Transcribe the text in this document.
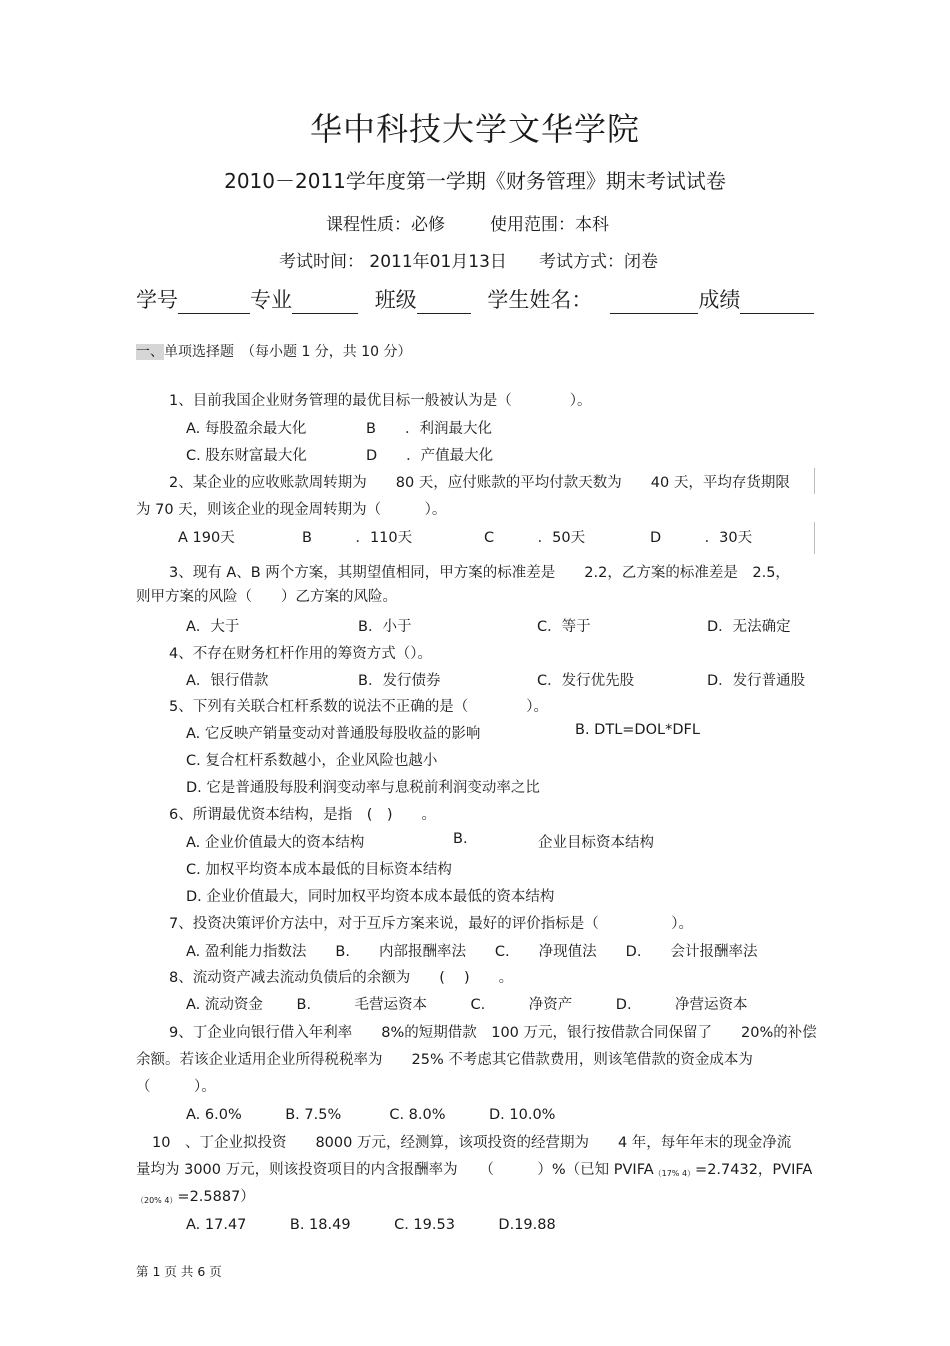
华中科技大学文华学院
2010－2011学年度第一学期《财务管理》期末考试试卷
课程性质：必修	使用范围：本科
考试时间： 2011年01月13日 考试方式：闭卷
学号	专业	班级	学生姓名：	成绩
一、单项选择题　（每小题 1 分，共 10 分）
1、目前我国企业财务管理的最优目标一般被认为是（　　　　）。
A. 每股盈余最大化	B　　．利润最大化
C. 股东财富最大化	D　　．产值最大化
2、某企业的应收账款周转期为　　80 天，应付账款的平均付款天数为　　40 天，平均存货期限
为 70 天，则该企业的现金周转期为（　　　）。
A 190天	B　　　．110天	C　　　．50天	D　　　．30天
3、现有 A、B 两个方案，其期望值相同，甲方案的标准差是　　2.2，乙方案的标准差是　2.5，
则甲方案的风险（　　）乙方案的风险。
A．大于	B．小于	C．等于	D．无法确定
4、不存在财务杠杆作用的筹资方式（）。
A．银行借款	B．发行债券	C．发行优先股	D．发行普通股
5、下列有关联合杠杆系数的说法不正确的是（　　　　）。
A. 它反映产销量变动对普通股每股收益的影响	B. DTL=DOL*DFL
C. 复合杠杆系数越小，企业风险也越小
D. 它是普通股每股利润变动率与息税前利润变动率之比
6、所谓最优资本结构，是指　(　)　　。
A. 企业价值最大的资本结构	B.	企业目标资本结构
C. 加权平均资本成本最低的目标资本结构
D. 企业价值最大，同时加权平均资本成本最低的资本结构
7、投资决策评价方法中，对于互斥方案来说，最好的评价指标是（　　　　　）。
A. 盈利能力指数法　　B.　　内部报酬率法　　C.　　净现值法　　D.　　会计报酬率法
8、流动资产减去流动负债后的余额为　　(　 )　　。
A. 流动资金　　 B.　　　毛营运资本　　　C.　　　净资产　　　D.　　　净营运资本
9、丁企业向银行借入年利率　　8%的短期借款　100 万元，银行按借款合同保留了　　20%的补偿
余额。若该企业适用企业所得税税率为　　25% 不考虑其它借款费用，则该笔借款的资金成本为
（　　　）。
A. 6.0%　　　B. 7.5%　　　 C. 8.0%　　　D. 10.0%
10　、丁企业拟投资　　8000 万元，经测算，该项投资的经营期为　　4 年，每年年末的现金净流
量均为 3000 万元，则该投资项目的内含报酬率为　　（　　　）%（已知 $PVIFA_{(17\% 4)}=2.7432$，PVIFA
$_{(20\% 4)}$=2.5887）
A. 17.47　　　B. 18.49　　　C. 19.53　　　D.19.88
第 1 页 共 6 页
